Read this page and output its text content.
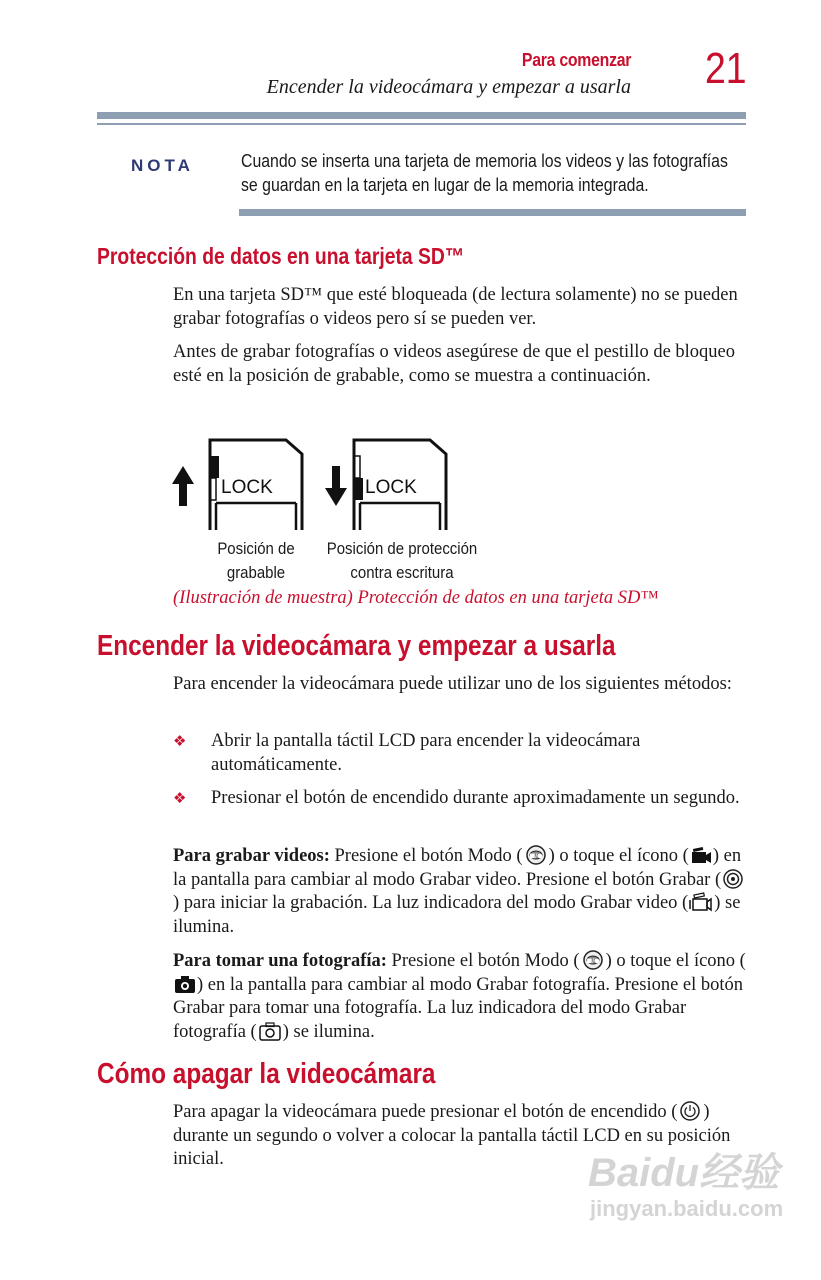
Para comenzar
Encender la videocámara y empezar a usarla 21
NOTA	Cuando se inserta una tarjeta de memoria los videos y las fotografías se guardan en la tarjeta en lugar de la memoria integrada.
Protección de datos en una tarjeta SD™

En una tarjeta SD™ que esté bloqueada (de lectura solamente) no se pueden grabar fotografías o videos pero sí se pueden ver.

Antes de grabar fotografías o videos asegúrese de que el pestillo de bloqueo esté en la posición de grabable, como se muestra a continuación.

LOCK	LOCK
Posición de
grabable
Posición de protección
contra escritura
(Ilustración de muestra) Protección de datos en una tarjeta SD™
Encender la videocámara y empezar a usarla

Para encender la videocámara puede utilizar uno de los siguientes métodos:

❖	Abrir la pantalla táctil LCD para encender la videocámara automáticamente.
❖	Presionar el botón de encendido durante aproximadamente un segundo.

Para grabar videos: Presione el botón Modo ( ■/● ) o toque el ícono ( ) en la pantalla para cambiar al modo Grabar video. Presione el botón Grabar () para iniciar la grabación. La luz indicadora del modo Grabar video ( ) se ilumina.

Para tomar una fotografía: Presione el botón Modo ( ■/● ) o toque el ícono () en la pantalla para cambiar al modo Grabar fotografía. Presione el botón Grabar para tomar una fotografía. La luz indicadora del modo Grabar fotografía ( ) se ilumina.

Cómo apagar la videocámara

Para apagar la videocámara puede presionar el botón de encendido ( ) durante un segundo o volver a colocar la pantalla táctil LCD en su posición inicial.	Baidu经验
jingyan.baidu.com
